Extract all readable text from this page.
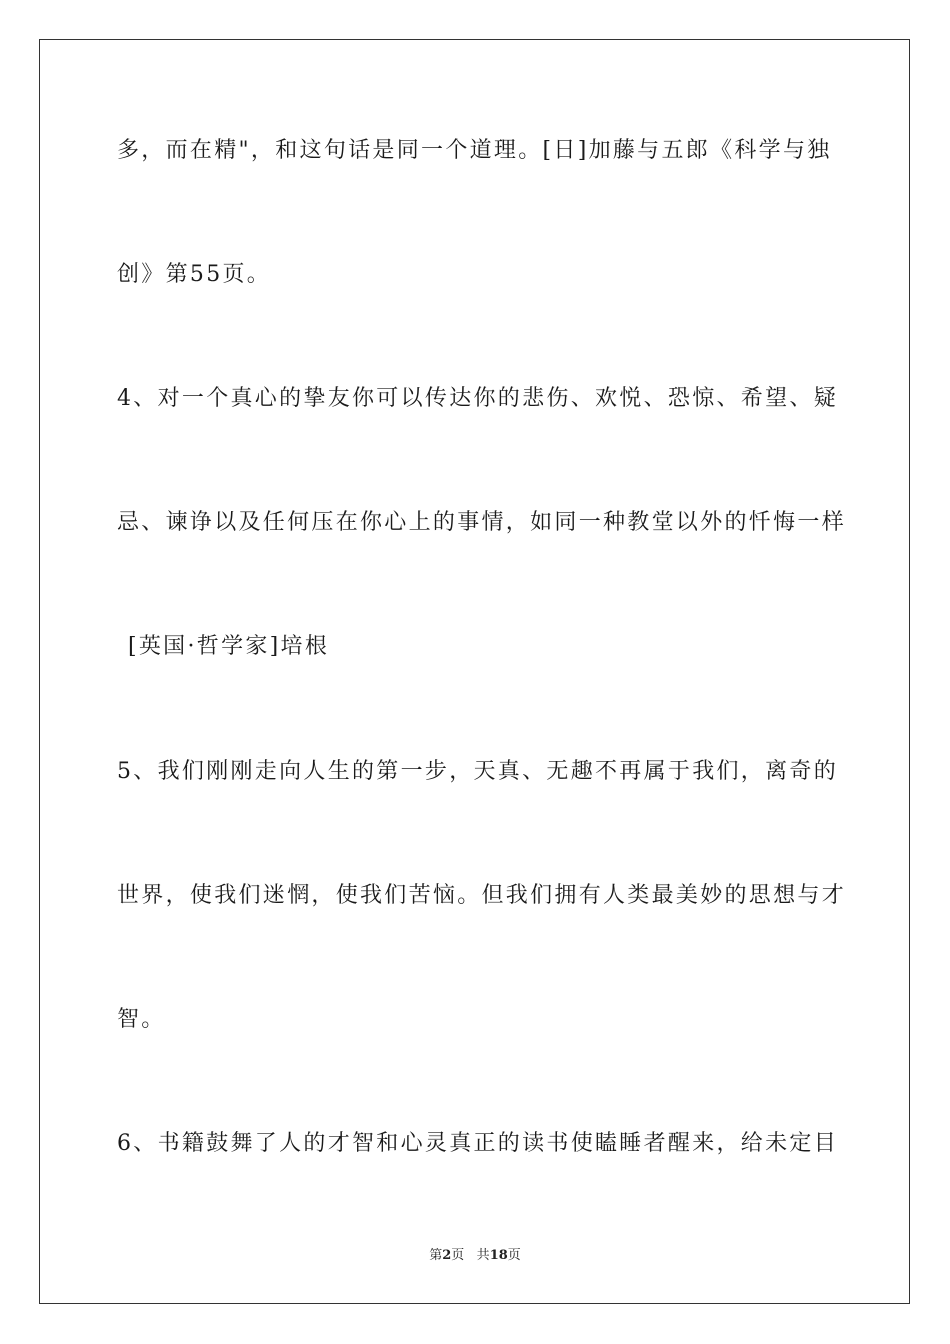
多，而在精"，和这句话是同一个道理。[日]加藤与五郎《科学与独
创》第55页。
4、对一个真心的挚友你可以传达你的悲伤、欢悦、恐惊、希望、疑
忌、谏诤以及任何压在你心上的事情，如同一种教堂以外的忏悔一样
[英国·哲学家]培根
5、我们刚刚走向人生的第一步，天真、无趣不再属于我们，离奇的
世界，使我们迷惘，使我们苦恼。但我们拥有人类最美妙的思想与才
智。
6、书籍鼓舞了人的才智和心灵真正的读书使瞌睡者醒来，给未定目
第2页 共18页
